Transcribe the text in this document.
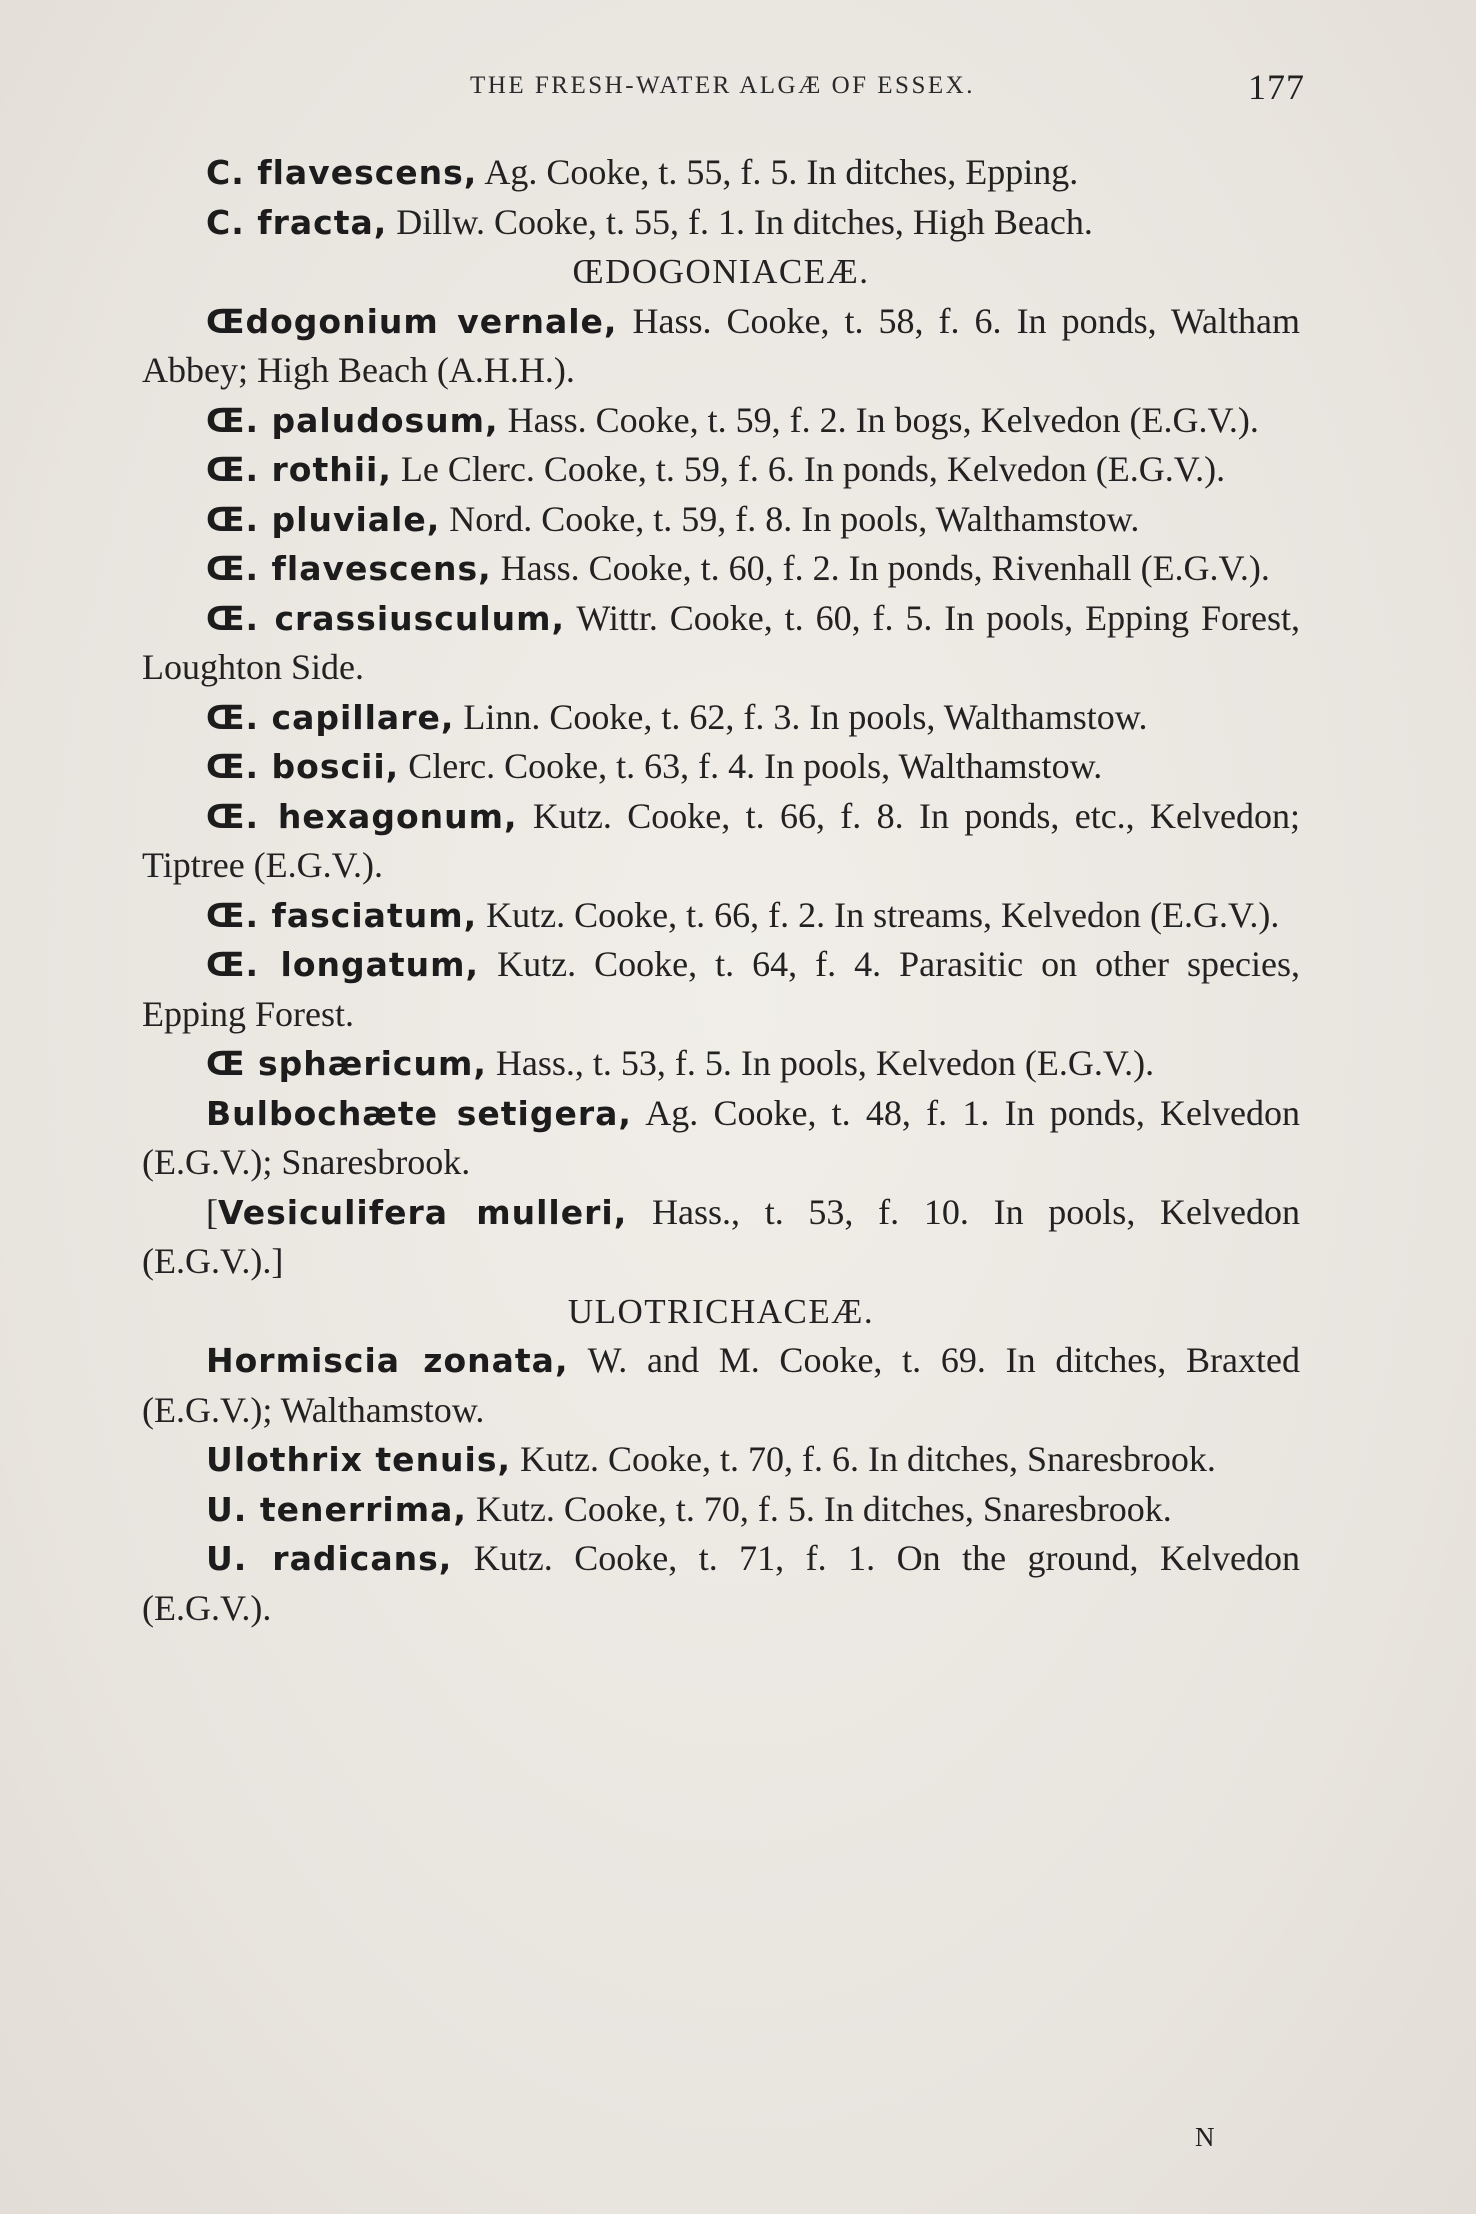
THE FRESH-WATER ALGÆ OF ESSEX.	177
C. flavescens, Ag. Cooke, t. 55, f. 5. In ditches, Epping.
C. fracta, Dillw. Cooke, t. 55, f. 1. In ditches, High Beach.
ŒDOGONIACEÆ.
Œdogonium vernale, Hass. Cooke, t. 58, f. 6. In ponds, Waltham Abbey; High Beach (A.H.H.).
Œ. paludosum, Hass. Cooke, t. 59, f. 2. In bogs, Kelvedon (E.G.V.).
Œ. rothii, Le Clerc. Cooke, t. 59, f. 6. In ponds, Kelvedon (E.G.V.).
Œ. pluviale, Nord. Cooke, t. 59, f. 8. In pools, Walthamstow.
Œ. flavescens, Hass. Cooke, t. 60, f. 2. In ponds, Rivenhall (E.G.V.).
Œ. crassiusculum, Wittr. Cooke, t. 60, f. 5. In pools, Epping Forest, Loughton Side.
Œ. capillare, Linn. Cooke, t. 62, f. 3. In pools, Walthamstow.
Œ. boscii, Clerc. Cooke, t. 63, f. 4. In pools, Walthamstow.
Œ. hexagonum, Kutz. Cooke, t. 66, f. 8. In ponds, etc., Kelvedon; Tiptree (E.G.V.).
Œ. fasciatum, Kutz. Cooke, t. 66, f. 2. In streams, Kelvedon (E.G.V.).
Œ. longatum, Kutz. Cooke, t. 64, f. 4. Parasitic on other species, Epping Forest.
Œ sphæricum, Hass., t. 53, f. 5. In pools, Kelvedon (E.G.V.).
Bulbochæte setigera, Ag. Cooke, t. 48, f. 1. In ponds, Kelvedon (E.G.V.); Snaresbrook.
[Vesiculifera mulleri, Hass., t. 53, f. 10. In pools, Kelvedon (E.G.V.).]
ULOTRICHACEÆ.
Hormiscia zonata, W. and M. Cooke, t. 69. In ditches, Braxted (E.G.V.); Walthamstow.
Ulothrix tenuis, Kutz. Cooke, t. 70, f. 6. In ditches, Snaresbrook.
U. tenerrima, Kutz. Cooke, t. 70, f. 5. In ditches, Snaresbrook.
U. radicans, Kutz. Cooke, t. 71, f. 1. On the ground, Kelvedon (E.G.V.).
N
